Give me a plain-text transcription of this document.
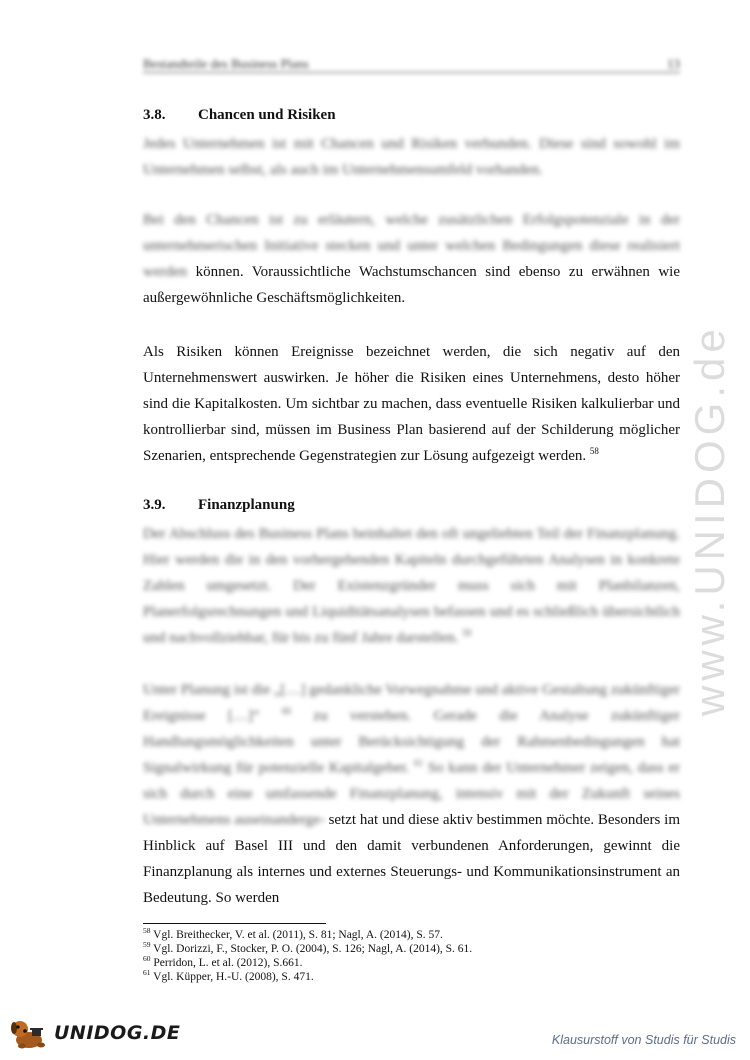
Bestandteile des Business Plans	13
3.8.	Chancen und Risiken

Jedes Unternehmen ist mit Chancen und Risiken verbunden. Diese sind sowohl im Unternehmen selbst, als auch im Unternehmensumfeld vorhanden.

Bei den Chancen ist zu erläutern, welche zusätzlichen Erfolgspotenziale in der unternehmerischen Initiative stecken und unter welchen Bedingungen diese realisiert werden können. Voraussichtliche Wachstumschancen sind ebenso zu erwähnen wie außergewöhnliche Geschäftsmöglichkeiten.

Als Risiken können Ereignisse bezeichnet werden, die sich negativ auf den Unternehmenswert auswirken. Je höher die Risiken eines Unternehmens, desto höher sind die Kapitalkosten. Um sichtbar zu machen, dass eventuelle Risiken kalkulierbar und kontrollierbar sind, müssen im Business Plan basierend auf der Schilderung möglicher Szenarien, entsprechende Gegenstrategien zur Lösung aufgezeigt werden. $^{58}$

3.9.	Finanzplanung

Der Abschluss des Business Plans beinhaltet den oft ungeliebten Teil der Finanzplanung. Hier werden die in den vorhergehenden Kapiteln durchgeführten Analysen in konkrete Zahlen umgesetzt. Der Existenzgründer muss sich mit Planbilanzen, Planerfolgsrechnungen und Liquiditätsanalysen befassen und es schließlich übersichtlich und nachvollziehbar, für bis zu fünf Jahre darstellen. $^{59}$

Unter Planung ist die „[…] gedankliche Vorwegnahme und aktive Gestaltung zukünftiger Ereignisse […]“ $^{60}$ zu verstehen. Gerade die Analyse zukünftiger Handlungsmöglichkeiten unter Berücksichtigung der Rahmenbedingungen hat Signalwirkung für potenzielle Kapitalgeber. $^{61}$ So kann der Unternehmer zeigen, dass er sich durch eine umfassende Finanzplanung, intensiv mit der Zukunft seines Unternehmens auseinanderge- setzt hat und diese aktiv bestimmen möchte. Besonders im Hinblick auf Basel III und den damit verbundenen Anforderungen, gewinnt die Finanzplanung als internes und externes Steuerungs- und Kommunikationsinstrument an Bedeutung. So werden

$^{58}$ Vgl. Breithecker, V. et al. (2011), S. 81; Nagl, A. (2014), S. 57.
$^{59}$ Vgl. Dorizzi, F., Stocker, P. O. (2004), S. 126; Nagl, A. (2014), S. 61.
$^{60}$ Perridon, L. et al. (2012), S.661.
$^{61}$ Vgl. Küpper, H.-U. (2008), S. 471.
www.UNIDOG.de
UNIDOG.DE	Klausurstoff von Studis für Studis
